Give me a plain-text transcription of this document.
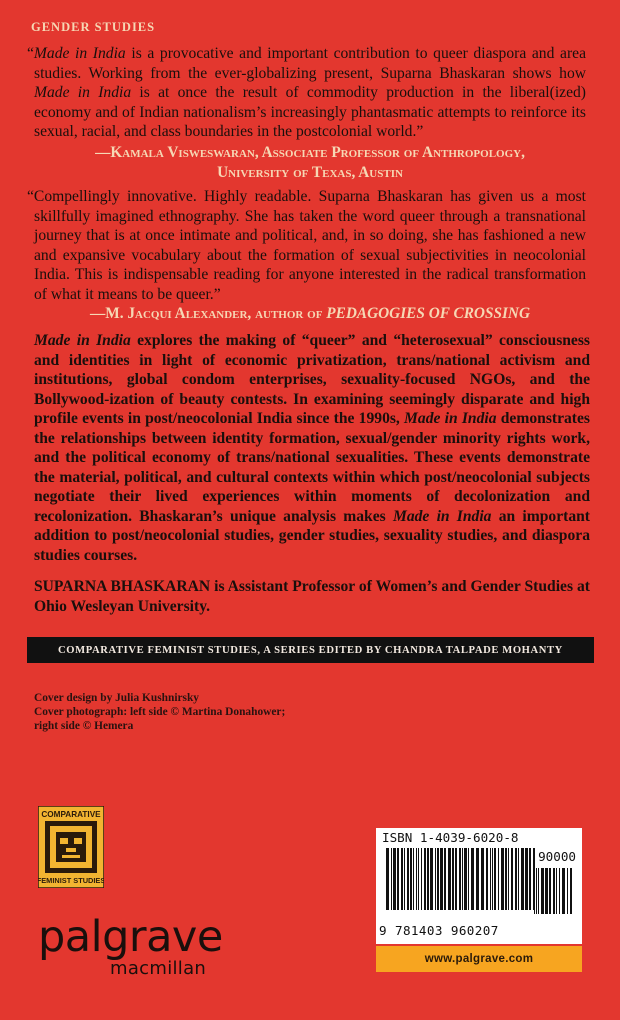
GENDER STUDIES
“Made in India is a provocative and important contribution to queer diaspora and area studies. Working from the ever-globalizing present, Suparna Bhaskaran shows how Made in India is at once the result of commodity production in the liberal(ized) economy and of Indian nationalism’s increasingly phantasmatic attempts to reinforce its sexual, racial, and class boundaries in the postcolonial world.”
—Kamala Visweswaran, Associate Professor of Anthropology,
University of Texas, Austin
“Compellingly innovative. Highly readable. Suparna Bhaskaran has given us a most skillfully imagined ethnography. She has taken the word queer through a transnational journey that is at once intimate and political, and, in so doing, she has fashioned a new and expansive vocabulary about the formation of sexual subjectivities in neocolonial India. This is indispensable reading for anyone interested in the radical transformation of what it means to be queer.”
—M. Jacqui Alexander, author of PEDAGOGIES OF CROSSING
Made in India explores the making of “queer” and “heterosexual” consciousness and identities in light of economic privatization, trans/national activism and institutions, global condom enterprises, sexuality-focused NGOs, and the Bollywood-ization of beauty contests. In examining seemingly disparate and high profile events in post/neocolonial India since the 1990s, Made in India demonstrates the relationships between identity formation, sexual/gender minority rights work, and the political economy of trans/national sexualities. These events demonstrate the material, political, and cultural contexts within which post/neocolonial subjects negotiate their lived experiences within moments of decolonization and recolonization. Bhaskaran’s unique analysis makes Made in India an important addition to post/neocolonial studies, gender studies, sexuality studies, and diaspora studies courses.
SUPARNA BHASKARAN is Assistant Professor of Women’s and Gender Studies at Ohio Wesleyan University.
COMPARATIVE FEMINIST STUDIES, A SERIES EDITED BY CHANDRA TALPADE MOHANTY
Cover design by Julia Kushnirsky
Cover photograph: left side © Martina Donahower;
right side © Hemera
COMPARATIVE
FEMINIST STUDIES
palgrave
macmillan
ISBN 1-4039-6020-8
90000
9 781403 960207
www.palgrave.com
